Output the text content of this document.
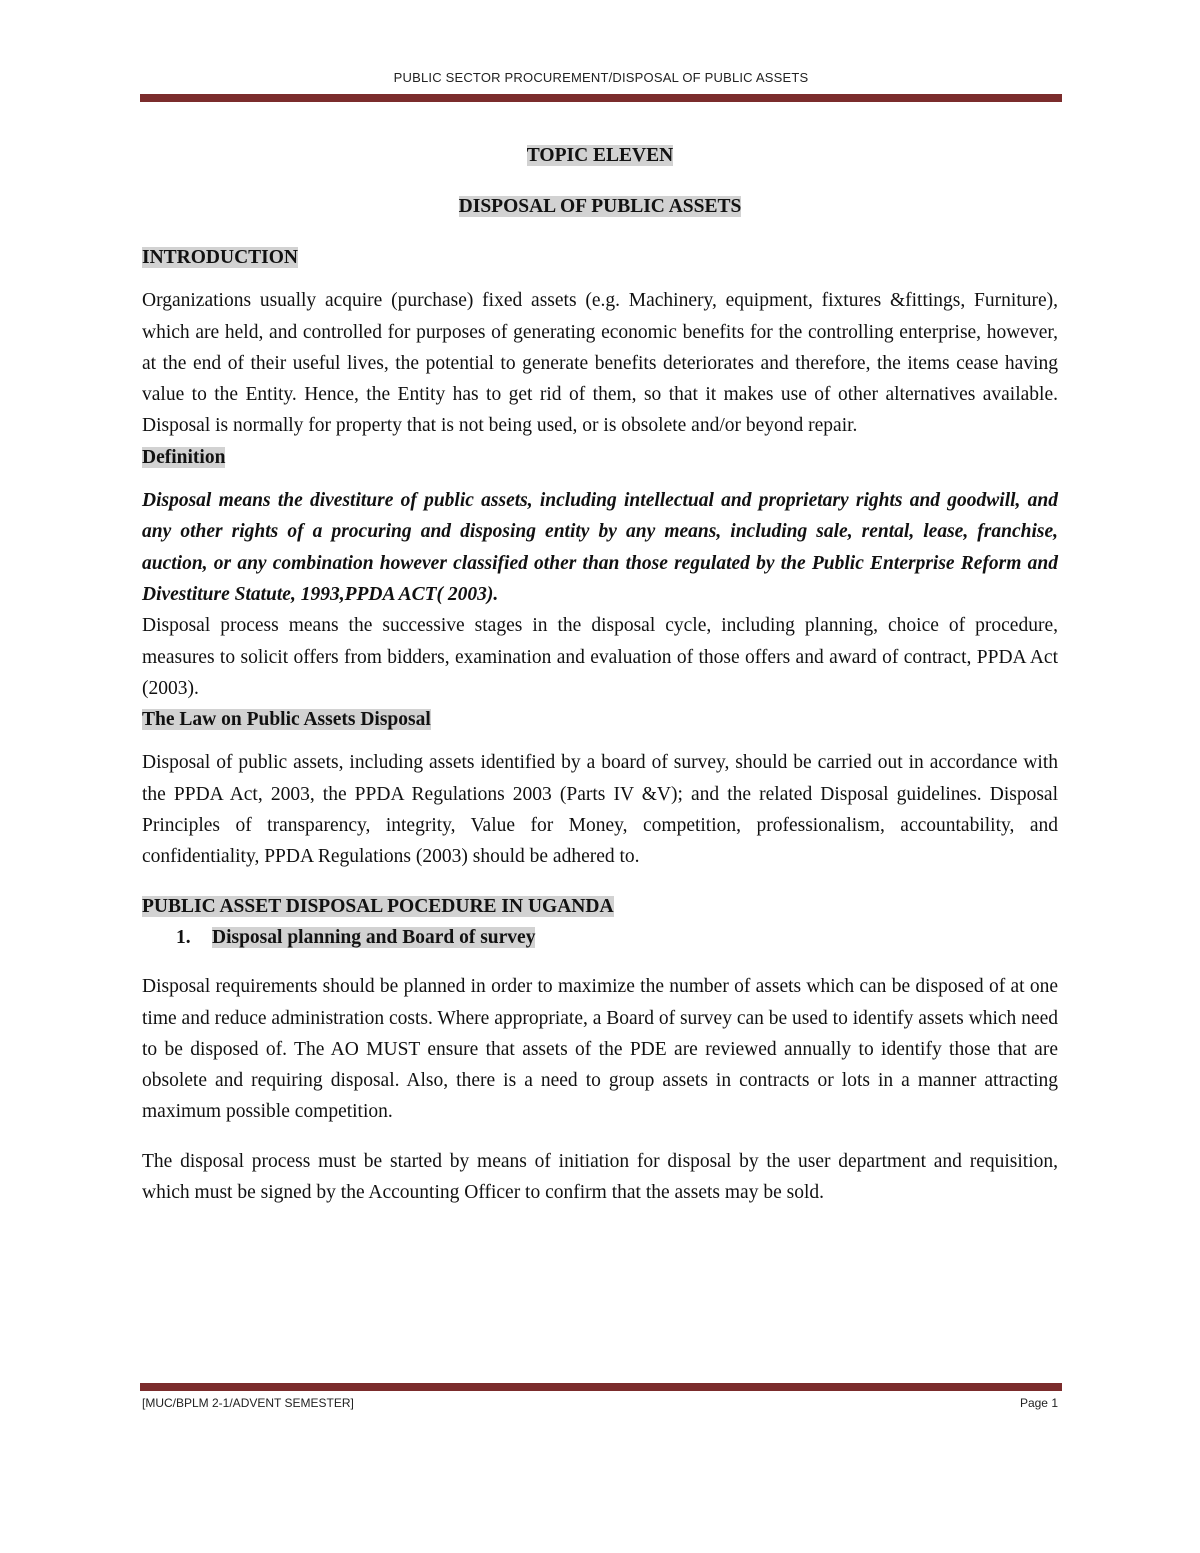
PUBLIC SECTOR PROCUREMENT/DISPOSAL OF PUBLIC ASSETS
TOPIC ELEVEN
DISPOSAL OF PUBLIC ASSETS
INTRODUCTION

Organizations usually acquire (purchase) fixed assets (e.g. Machinery, equipment, fixtures &fittings, Furniture), which are held, and controlled for purposes of generating economic benefits for the controlling enterprise, however, at the end of their useful lives, the potential to generate benefits deteriorates and therefore, the items cease having value to the Entity. Hence, the Entity has to get rid of them, so that it makes use of other alternatives available. Disposal is normally for property that is not being used, or is obsolete and/or beyond repair.

Definition

Disposal means the divestiture of public assets, including intellectual and proprietary rights and goodwill, and any other rights of a procuring and disposing entity by any means, including sale, rental, lease, franchise, auction, or any combination however classified other than those regulated by the Public Enterprise Reform and Divestiture Statute, 1993,PPDA ACT( 2003).

Disposal process means the successive stages in the disposal cycle, including planning, choice of procedure, measures to solicit offers from bidders, examination and evaluation of those offers and award of contract, PPDA Act (2003).

The Law on Public Assets Disposal

Disposal of public assets, including assets identified by a board of survey, should be carried out in accordance with the PPDA Act, 2003, the PPDA Regulations 2003 (Parts IV &V); and the related Disposal guidelines. Disposal Principles of transparency, integrity, Value for Money, competition, professionalism, accountability, and confidentiality, PPDA Regulations (2003) should be adhered to.

PUBLIC ASSET DISPOSAL POCEDURE IN UGANDA
1. Disposal planning and Board of survey

Disposal requirements should be planned in order to maximize the number of assets which can be disposed of at one time and reduce administration costs. Where appropriate, a Board of survey can be used to identify assets which need to be disposed of. The AO MUST ensure that assets of the PDE are reviewed annually to identify those that are obsolete and requiring disposal. Also, there is a need to group assets in contracts or lots in a manner attracting maximum possible competition.

The disposal process must be started by means of initiation for disposal by the user department and requisition, which must be signed by the Accounting Officer to confirm that the assets may be sold.

[MUC/BPLM 2-1/ADVENT SEMESTER]	Page 1
